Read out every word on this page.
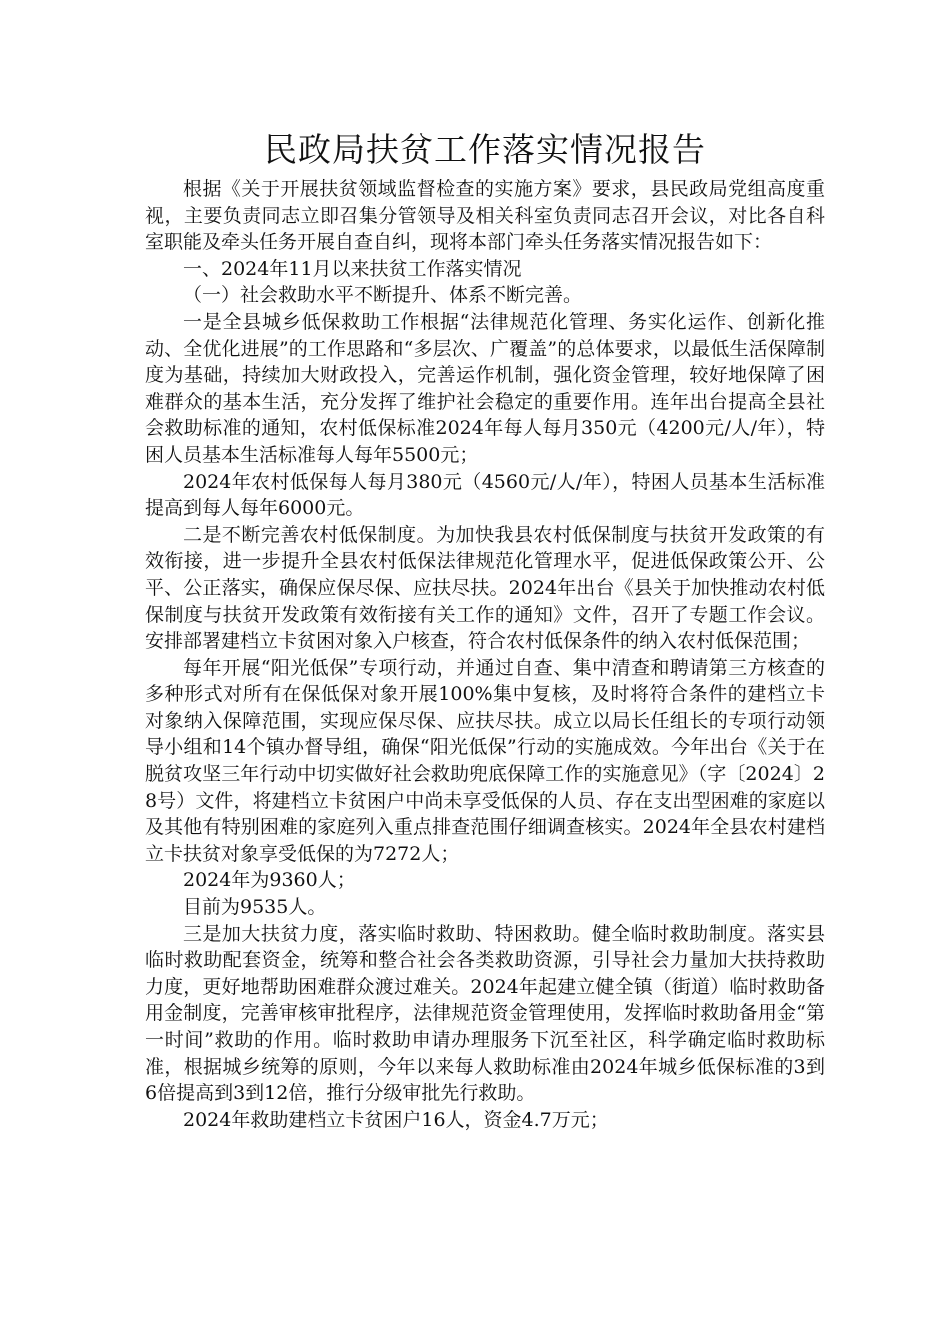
民政局扶贫工作落实情况报告

根据《关于开展扶贫领域监督检查的实施方案》要求，县民政局党组高度重视，主要负责同志立即召集分管领导及相关科室负责同志召开会议，对比各自科室职能及牵头任务开展自查自纠，现将本部门牵头任务落实情况报告如下：

一、2024年11月以来扶贫工作落实情况

（一）社会救助水平不断提升、体系不断完善。

一是全县城乡低保救助工作根据“法律规范化管理、务实化运作、创新化推动、全优化进展”的工作思路和“多层次、广覆盖”的总体要求，以最低生活保障制度为基础，持续加大财政投入，完善运作机制，强化资金管理，较好地保障了困难群众的基本生活，充分发挥了维护社会稳定的重要作用。连年出台提高全县社会救助标准的通知，农村低保标准2024年每人每月350元（4200元/人/年），特困人员基本生活标准每人每年5500元；

2024年农村低保每人每月380元（4560元/人/年），特困人员基本生活标准提高到每人每年6000元。

二是不断完善农村低保制度。为加快我县农村低保制度与扶贫开发政策的有效衔接，进一步提升全县农村低保法律规范化管理水平，促进低保政策公开、公平、公正落实，确保应保尽保、应扶尽扶。2024年出台《县关于加快推动农村低保制度与扶贫开发政策有效衔接有关工作的通知》文件，召开了专题工作会议。安排部署建档立卡贫困对象入户核查，符合农村低保条件的纳入农村低保范围；

每年开展“阳光低保”专项行动，并通过自查、集中清查和聘请第三方核查的多种形式对所有在保低保对象开展100%集中复核，及时将符合条件的建档立卡对象纳入保障范围，实现应保尽保、应扶尽扶。成立以局长任组长的专项行动领导小组和14个镇办督导组，确保“阳光低保”行动的实施成效。今年出台《关于在脱贫攻坚三年行动中切实做好社会救助兜底保障工作的实施意见》（字〔2024〕28号）文件，将建档立卡贫困户中尚未享受低保的人员、存在支出型困难的家庭以及其他有特别困难的家庭列入重点排查范围仔细调查核实。2024年全县农村建档立卡扶贫对象享受低保的为7272人；

2024年为9360人；

目前为9535人。

三是加大扶贫力度，落实临时救助、特困救助。健全临时救助制度。落实县临时救助配套资金，统筹和整合社会各类救助资源，引导社会力量加大扶持救助力度，更好地帮助困难群众渡过难关。2024年起建立健全镇（街道）临时救助备用金制度，完善审核审批程序，法律规范资金管理使用，发挥临时救助备用金“第一时间”救助的作用。临时救助申请办理服务下沉至社区，科学确定临时救助标准，根据城乡统筹的原则，今年以来每人救助标准由2024年城乡低保标准的3到6倍提高到3到12倍，推行分级审批先行救助。

2024年救助建档立卡贫困户16人，资金4.7万元；
